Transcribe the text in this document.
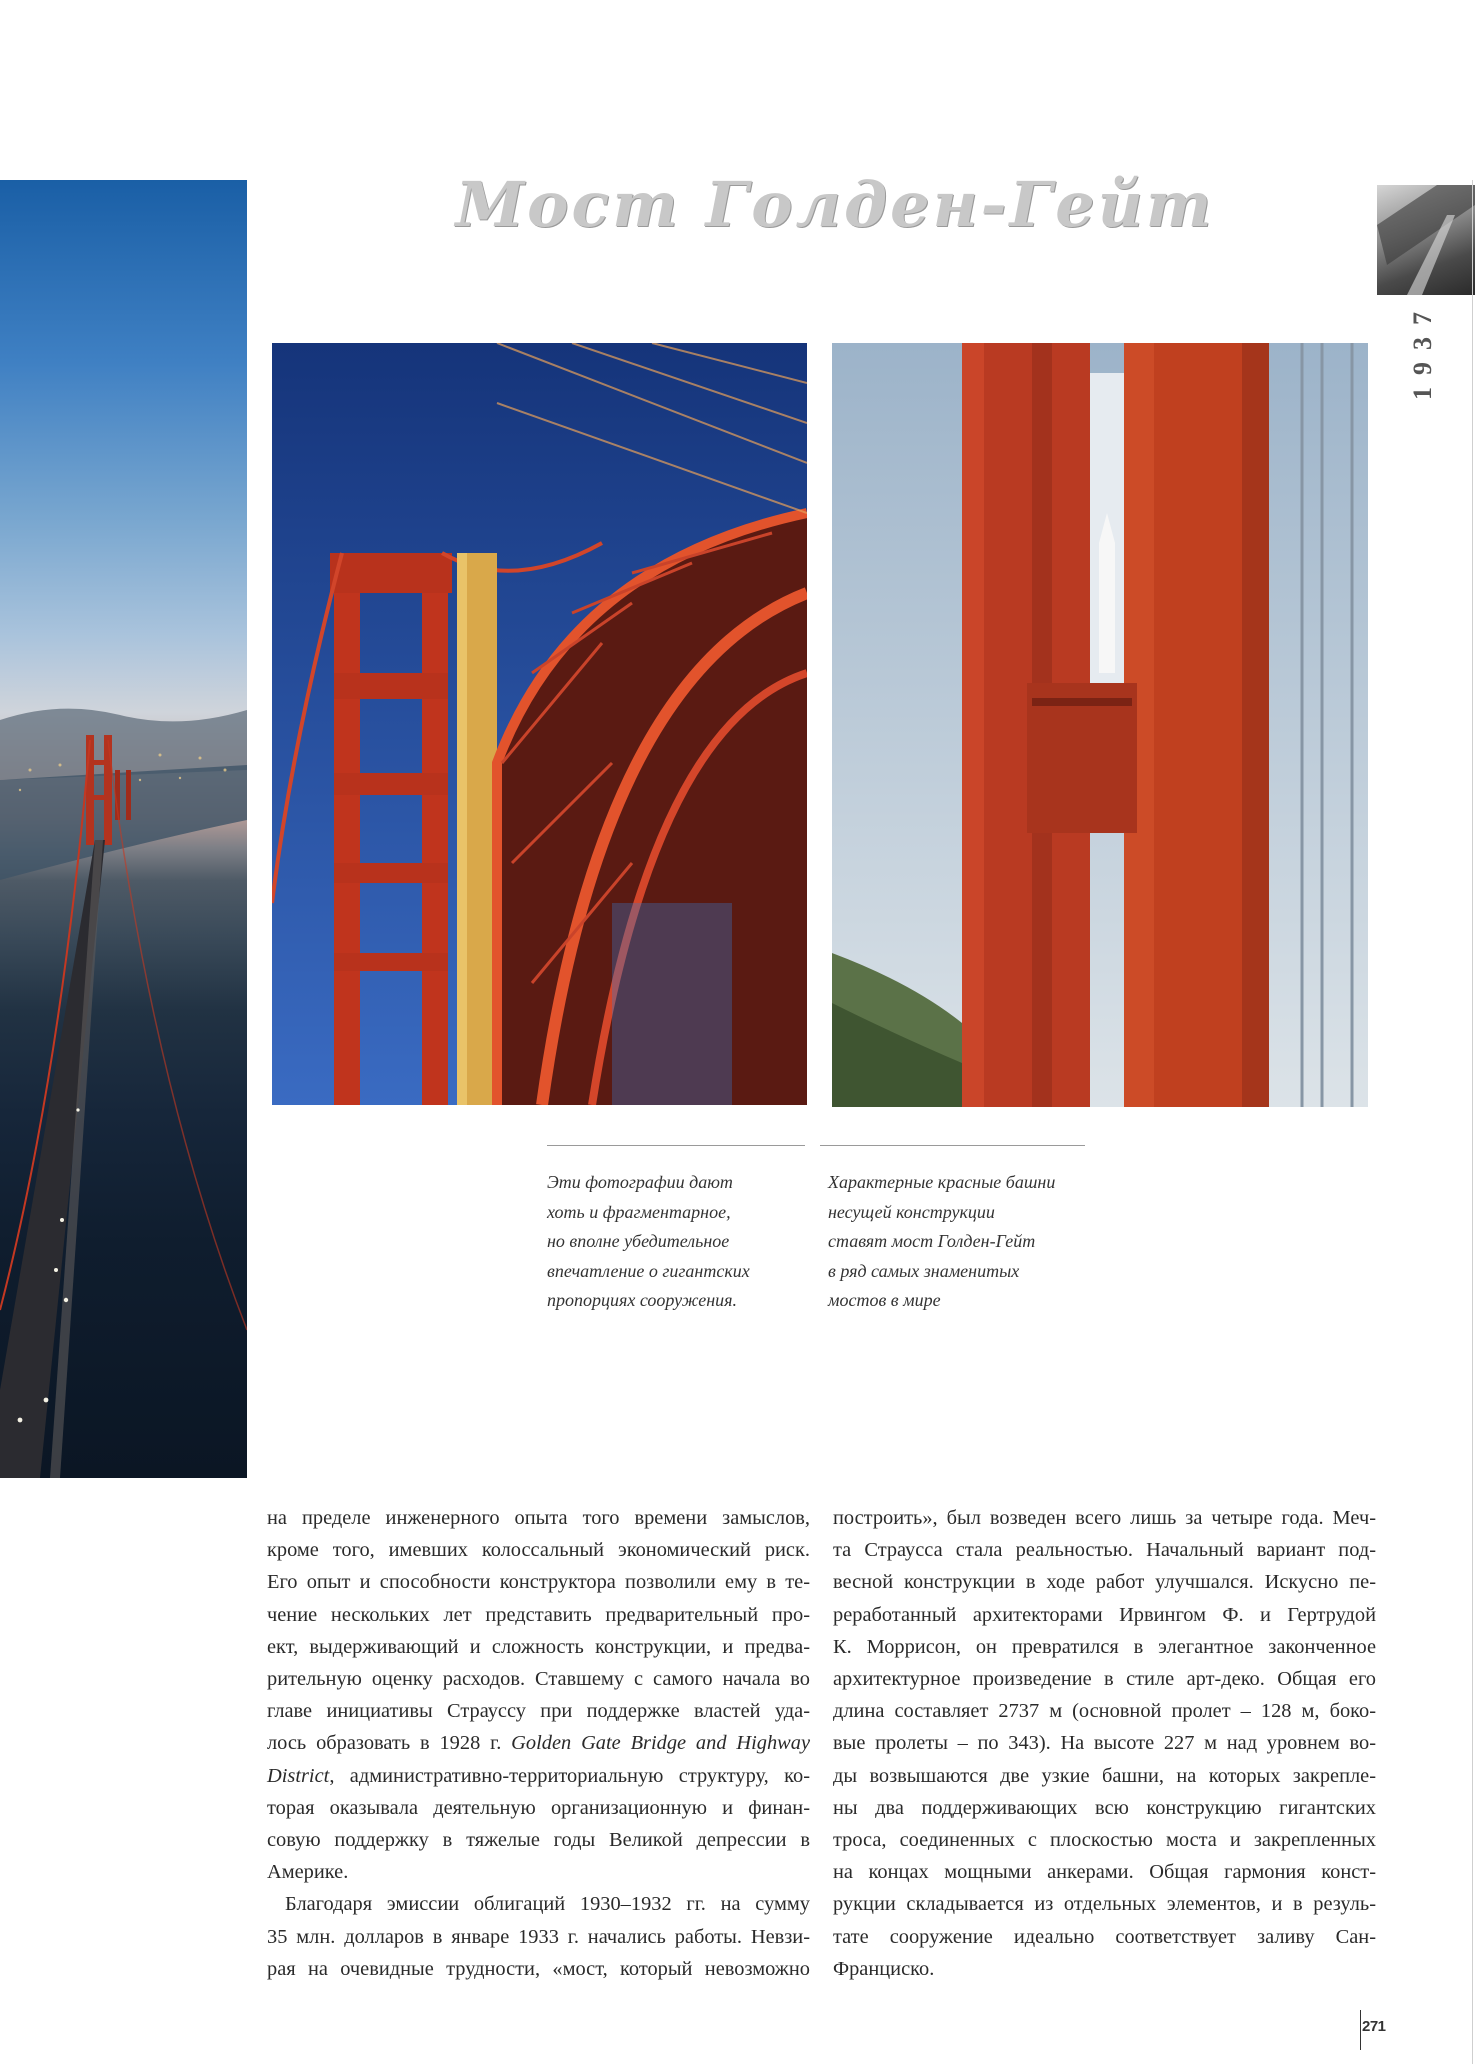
Мост Голден-Гейт
1937
Эти фотографии дают
хоть и фрагментарное,
но вполне убедительное
впечатление о гигантских
пропорциях сооружения.
Характерные красные башни
несущей конструкции
ставят мост Голден-Гейт
в ряд самых знаменитых
мостов в мире
на пределе инженерного опыта того времени замыслов,
кроме того, имевших колоссальный экономический риск.
Его опыт и способности конструктора позволили ему в те-
чение нескольких лет представить предварительный про-
ект, выдерживающий и сложность конструкции, и предва-
рительную оценку расходов. Ставшему с самого начала во
главе инициативы Страуссу при поддержке властей уда-
лось образовать в 1928 г. Golden Gate Bridge and Highway
District, административно-территориальную структуру, ко-
торая оказывала деятельную организационную и финан-
совую поддержку в тяжелые годы Великой депрессии в
Америке.
Благодаря эмиссии облигаций 1930–1932 гг. на сумму
35 млн. долларов в январе 1933 г. начались работы. Невзи-
рая на очевидные трудности, «мост, который невозможно
построить», был возведен всего лишь за четыре года. Меч-
та Страусса стала реальностью. Начальный вариант под-
весной конструкции в ходе работ улучшался. Искусно пе-
реработанный архитекторами Ирвингом Ф. и Гертрудой
К. Моррисон, он превратился в элегантное законченное
архитектурное произведение в стиле арт-деко. Общая его
длина составляет 2737 м (основной пролет – 128 м, боко-
вые пролеты – по 343). На высоте 227 м над уровнем во-
ды возвышаются две узкие башни, на которых закрепле-
ны два поддерживающих всю конструкцию гигантских
троса, соединенных с плоскостью моста и закрепленных
на концах мощными анкерами. Общая гармония конст-
рукции складывается из отдельных элементов, и в резуль-
тате сооружение идеально соответствует заливу Сан-
Франциско.
271
